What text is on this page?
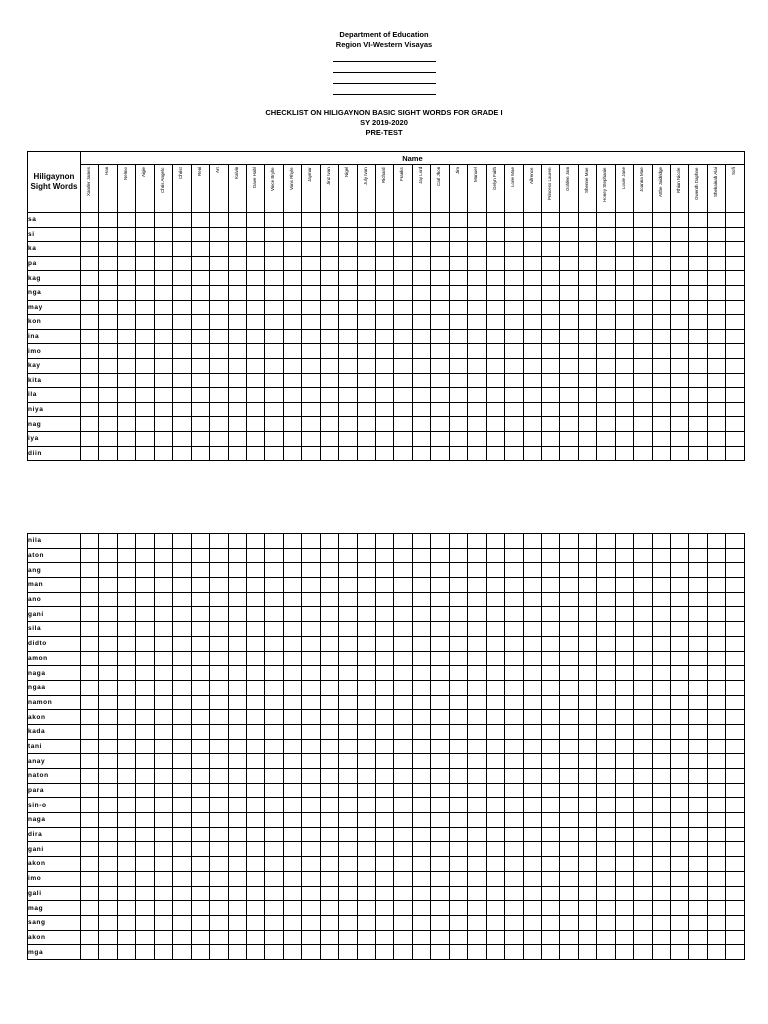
Department of Education
Region VI-Western Visayas
CHECKLIST ON HILIGAYNON BASIC SIGHT WORDS FOR GRADE I
SY 2019-2020
PRE-TEST
Hiligaynon Sight Words	Name																																			

	Xander James	Han	Nelmo	Aigie	Chris Angelo	Christ	Reni	Art	Kalvin	Dave Habl	Vince Brylle	Vans Rhyle	Jaymar	Jinz Ivan	Nigel	July Ivan	Richard	Franks	Jay Lord	Carl Jhon	Jim	Manuel	Gelyn Faith	Lorie Mae	Aifrence	Princess Lauren	Golden Jam	Shenne Mae	Honey Stephanie	Louie Jane	Joanna Mae	Atthe Jaidridge	Rhian Nicole	Gwenth Daphne	Shekainah Alai	Sofi

sa																																				
si																																				
ka																																				
pa																																				
kag																																				
nga																																				
may																																				
kon																																				
ina																																				
imo																																				
kay																																				
kita																																				
ila																																				
niya																																				
nag																																				
iya																																				
diin																																				
nila																																				
aton																																				
ang																																				
man																																				
ano																																				
gani																																				
sila																																				
didto																																				
amon																																				
naga																																				
ngaa																																				
namon																																				
akon																																				
kada																																				
tani																																				
anay																																				
naton																																				
para																																				
sin-o																																				
naga																																				
dira																																				
gani																																				
akon																																				
imo																																				
gali																																				
mag																																				
sang																																				
akon																																				
mga																																				
